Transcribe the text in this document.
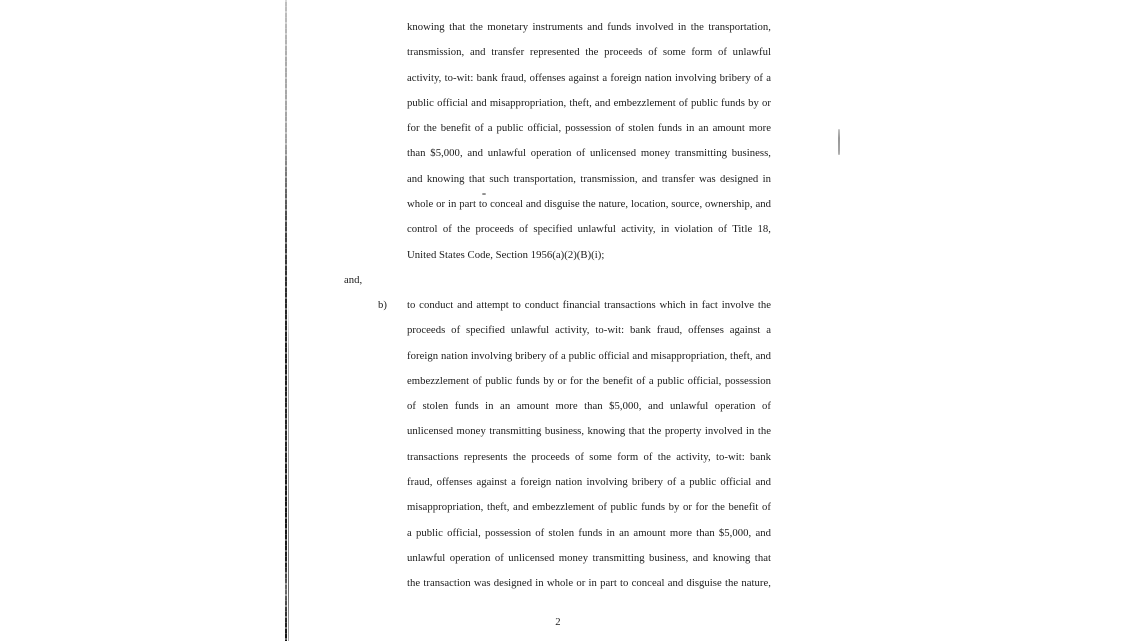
knowing that the monetary instruments and funds involved in the transportation,
transmission, and transfer represented the proceeds of some form of unlawful
activity, to-wit: bank fraud, offenses against a foreign nation involving bribery of a
public official and misappropriation, theft, and embezzlement of public funds by or
for the benefit of a public official, possession of stolen funds in an amount more
than $5,000, and unlawful operation of unlicensed money transmitting business,
and knowing that such transportation, transmission, and transfer was designed in
whole or in part to conceal and disguise the nature, location, source, ownership, and
control of the proceeds of specified unlawful activity, in violation of Title 18,
United States Code, Section 1956(a)(2)(B)(i);
and,
b) to conduct and attempt to conduct financial transactions which in fact involve the
proceeds of specified unlawful activity, to-wit: bank fraud, offenses against a
foreign nation involving bribery of a public official and misappropriation, theft, and
embezzlement of public funds by or for the benefit of a public official, possession
of stolen funds in an amount more than $5,000, and unlawful operation of
unlicensed money transmitting business, knowing that the property involved in the
transactions represents the proceeds of some form of the activity, to-wit: bank
fraud, offenses against a foreign nation involving bribery of a public official and
misappropriation, theft, and embezzlement of public funds by or for the benefit of
a public official, possession of stolen funds in an amount more than $5,000, and
unlawful operation of unlicensed money transmitting business, and knowing that
the transaction was designed in whole or in part to conceal and disguise the nature,
2
